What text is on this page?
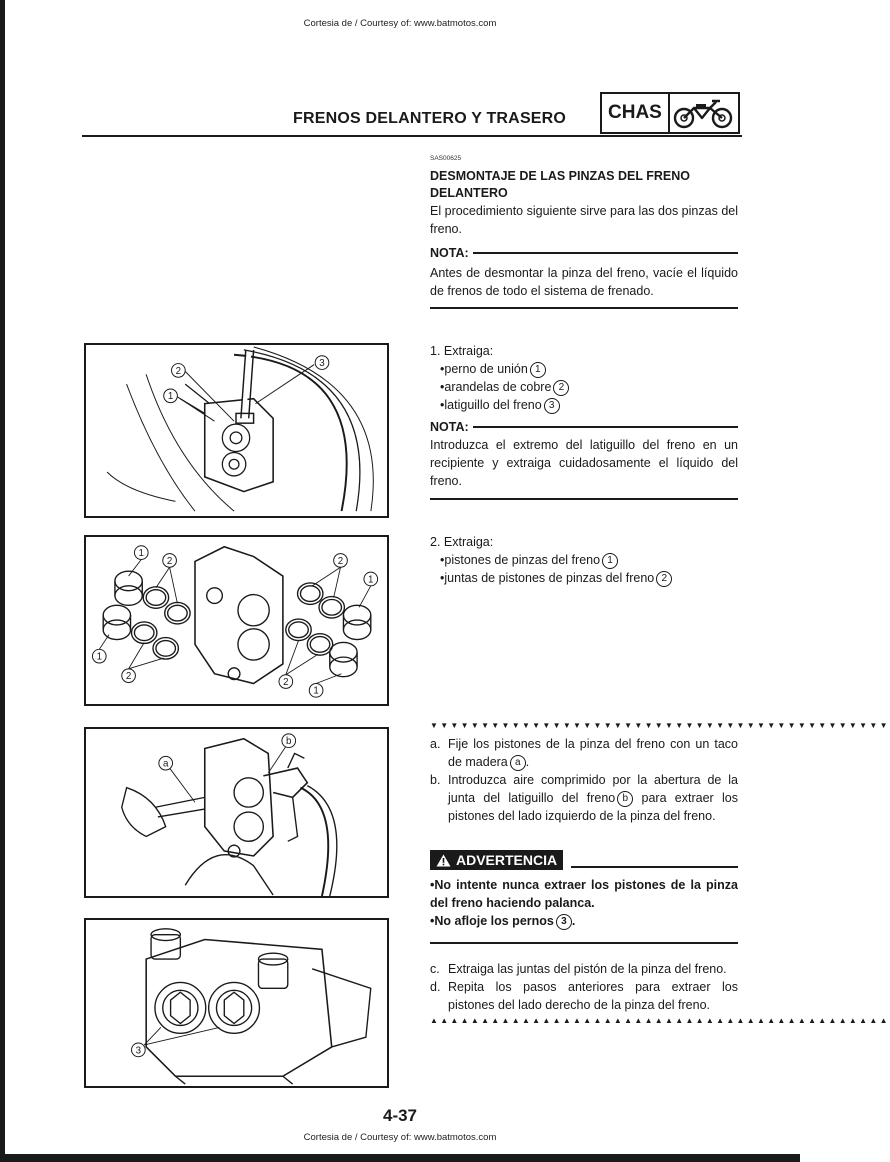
Cortesia de / Courtesy of: www.batmotos.com
FRENOS DELANTERO Y TRASERO	CHAS
SAS00625
DESMONTAJE DE LAS PINZAS DEL FRENO DELANTERO
El procedimiento siguiente sirve para las dos pinzas del freno.
NOTA:
Antes de desmontar la pinza del freno, vacíe el líquido de frenos de todo el sistema de frenado.
1. Extraiga:
•perno de unión 1
•arandelas de cobre 2
•latiguillo del freno 3
NOTA:
Introduzca el extremo del latiguillo del freno en un recipiente y extraiga cuidadosamente el líquido del freno.
2. Extraiga:
•pistones de pinzas del freno 1
•juntas de pistones de pinzas del freno 2
▼▼▼▼▼▼▼▼▼▼▼▼▼▼▼▼▼▼▼▼▼▼▼▼▼▼▼▼▼▼▼▼▼▼▼▼▼▼▼▼▼▼▼▼▼
a. Fije los pistones de la pinza del freno con un taco de madera a .
b. Introduzca aire comprimido por la abertura de la junta del latiguillo del freno b para extraer los pistones del lado izquierdo de la pinza del freno.
ADVERTENCIA
•No intente nunca extraer los pistones de la pinza del freno haciendo palanca.
•No afloje los pernos 3 .
c. Extraiga las juntas del pistón de la pinza del freno.
d. Repita los pasos anteriores para extraer los pistones del lado derecho de la pinza del freno.
▲▲▲▲▲▲▲▲▲▲▲▲▲▲▲▲▲▲▲▲▲▲▲▲▲▲▲▲▲▲▲▲▲▲▲▲▲▲▲▲▲▲▲▲▲
2
1
3
1
2
1
2
2
1
2
1
a
b
3
4-37
Cortesia de / Courtesy of: www.batmotos.com
